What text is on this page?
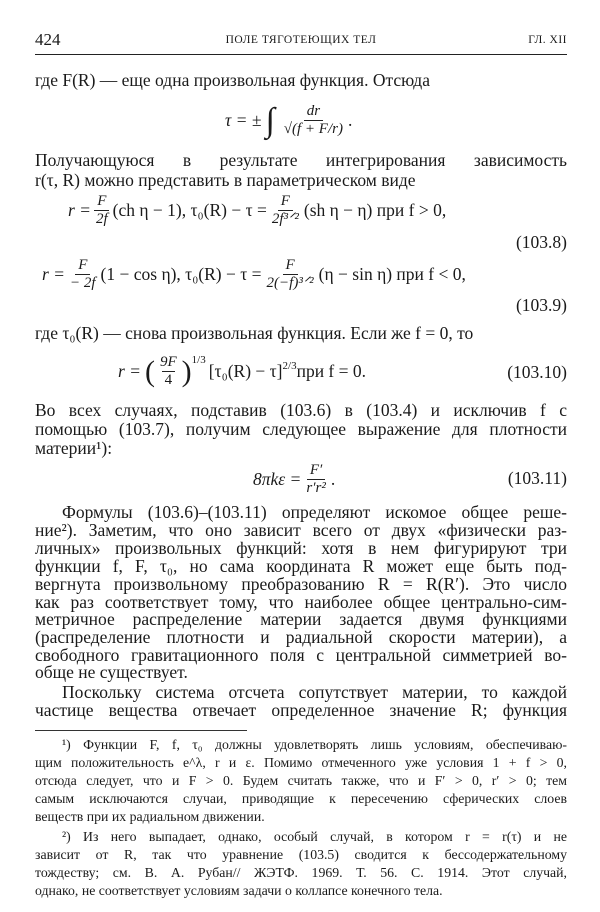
424	ПОЛЕ ТЯГОТЕЮЩИХ ТЕЛ	ГЛ. XII
где F(R) — еще одна произвольная функция. Отсюда
τ = ± ∫ $\frac{dr}{√(f + F/r)}$ .
Получающуюся в результате интегрирования зависимость
r(τ, R) можно представить в параметрическом виде
$r = \frac{F}{2f} (ch$ η − 1), $\tau_0(R) - \tau = \frac{F}{\text{2f³ᐟ²}} (sh$ η − η) при f > 0,
(103.8)
$r = \frac{F}{- 2f} (1 - \cos \eta)$, $\tau_0(R) - \tau = \frac{F}{\text{2(−f)³ᐟ²}} (\eta - \sin \eta)$ при f < 0,
(103.9)
где τ₀(R) — снова произвольная функция. Если же f = 0, то
r = ( $\frac{9F}{4} )^{1/3}$
$[\tau_0(R) - \tau]^{2/3}$ при f = 0.	(103.10)
Во всех случаях, подставив (103.6) в (103.4) и исключив f с
помощью (103.7), получим следующее выражение для плотности
материи¹):
$8\pi k\varepsilon = \frac{F'}{\text{r′r²}}$ .	(103.11)
Формулы (103.6)–(103.11) определяют искомое общее реше-
ние²). Заметим, что оно зависит всего от двух «физически раз-
личных» произвольных функций: хотя в нем фигурируют три
функции f, F, τ₀, но сама координата R может еще быть под-
вергнута произвольному преобразованию R = R(R′). Это число
как раз соответствует тому, что наиболее общее центрально-сим-
метричное распределение материи задается двумя функциями
(распределение плотности и радиальной скорости материи), а
свободного гравитационного поля с центральной симметрией во-
обще не существует.
Поскольку система отсчета сопутствует материи, то каждой
частице вещества отвечает определенное значение R; функция
¹) Функции F, f, τ₀ должны удовлетворять лишь условиям, обеспечиваю-
щим положительность e^λ, r и ε. Помимо отмеченного уже условия 1 + f > 0,
отсюда следует, что и F > 0. Будем считать также, что и F′ > 0, r′ > 0; тем
самым исключаются случаи, приводящие к пересечению сферических слоев
веществ при их радиальном движении.
²) Из него выпадает, однако, особый случай, в котором r = r(τ) и не
зависит от R, так что уравнение (103.5) сводится к бессодержательному
тождеству; см. В. А. Рубан// ЖЭТФ. 1969. Т. 56. С. 1914. Этот случай,
однако, не соответствует условиям задачи о коллапсе конечного тела.
